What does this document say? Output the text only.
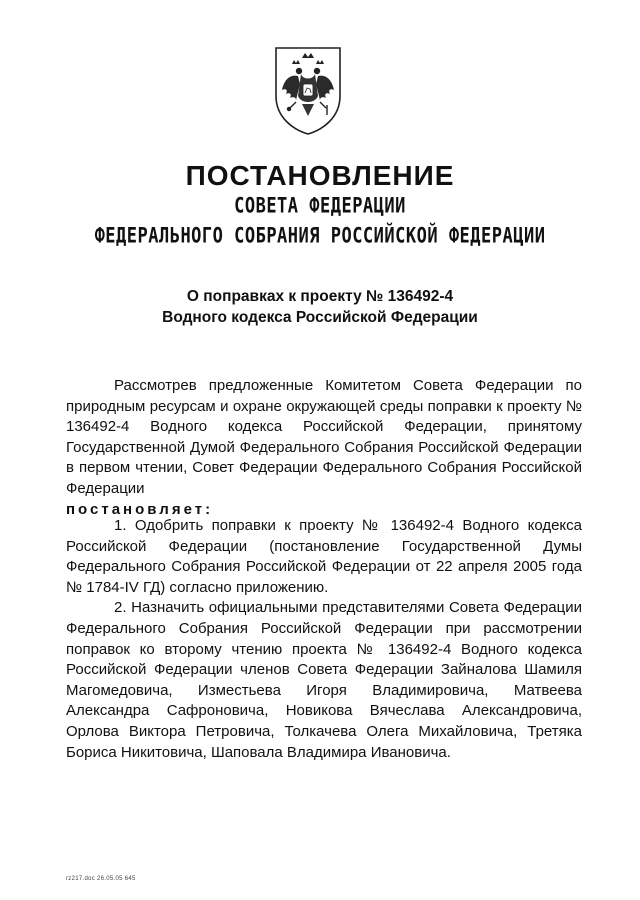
ПОСТАНОВЛЕНИЕ
СОВЕТА ФЕДЕРАЦИИ
ФЕДЕРАЛЬНОГО СОБРАНИЯ РОССИЙСКОЙ ФЕДЕРАЦИИ
О поправках к проекту № 136492-4
Водного кодекса Российской Федерации

Рассмотрев предложенные Комитетом Совета Федерации по природным ресурсам и охране окружающей среды поправки к проекту № 136492-4 Водного кодекса Российской Федерации, принятому Государственной Думой Федерального Собрания Российской Федерации в первом чтении, Совет Федерации Федерального Собрания Российской Федерации
постановляет:

1. Одобрить поправки к проекту № 136492-4 Водного кодекса Российской Федерации (постановление Государственной Думы Федерального Собрания Российской Федерации от 22 апреля 2005 года № 1784-IV ГД) согласно приложению.

2. Назначить официальными представителями Совета Федерации Федерального Собрания Российской Федерации при рассмотрении поправок ко второму чтению проекта № 136492-4 Водного кодекса Российской Федерации членов Совета Федерации Зайналова Шамиля Магомедовича, Изместьева Игоря Владимировича, Матвеева Александра Сафроновича, Новикова Вячеслава Александровича, Орлова Виктора Петровича, Толкачева Олега Михайловича, Третяка Бориса Никитовича, Шаповала Владимира Ивановича.

rz217.doc 26.05.05 645
